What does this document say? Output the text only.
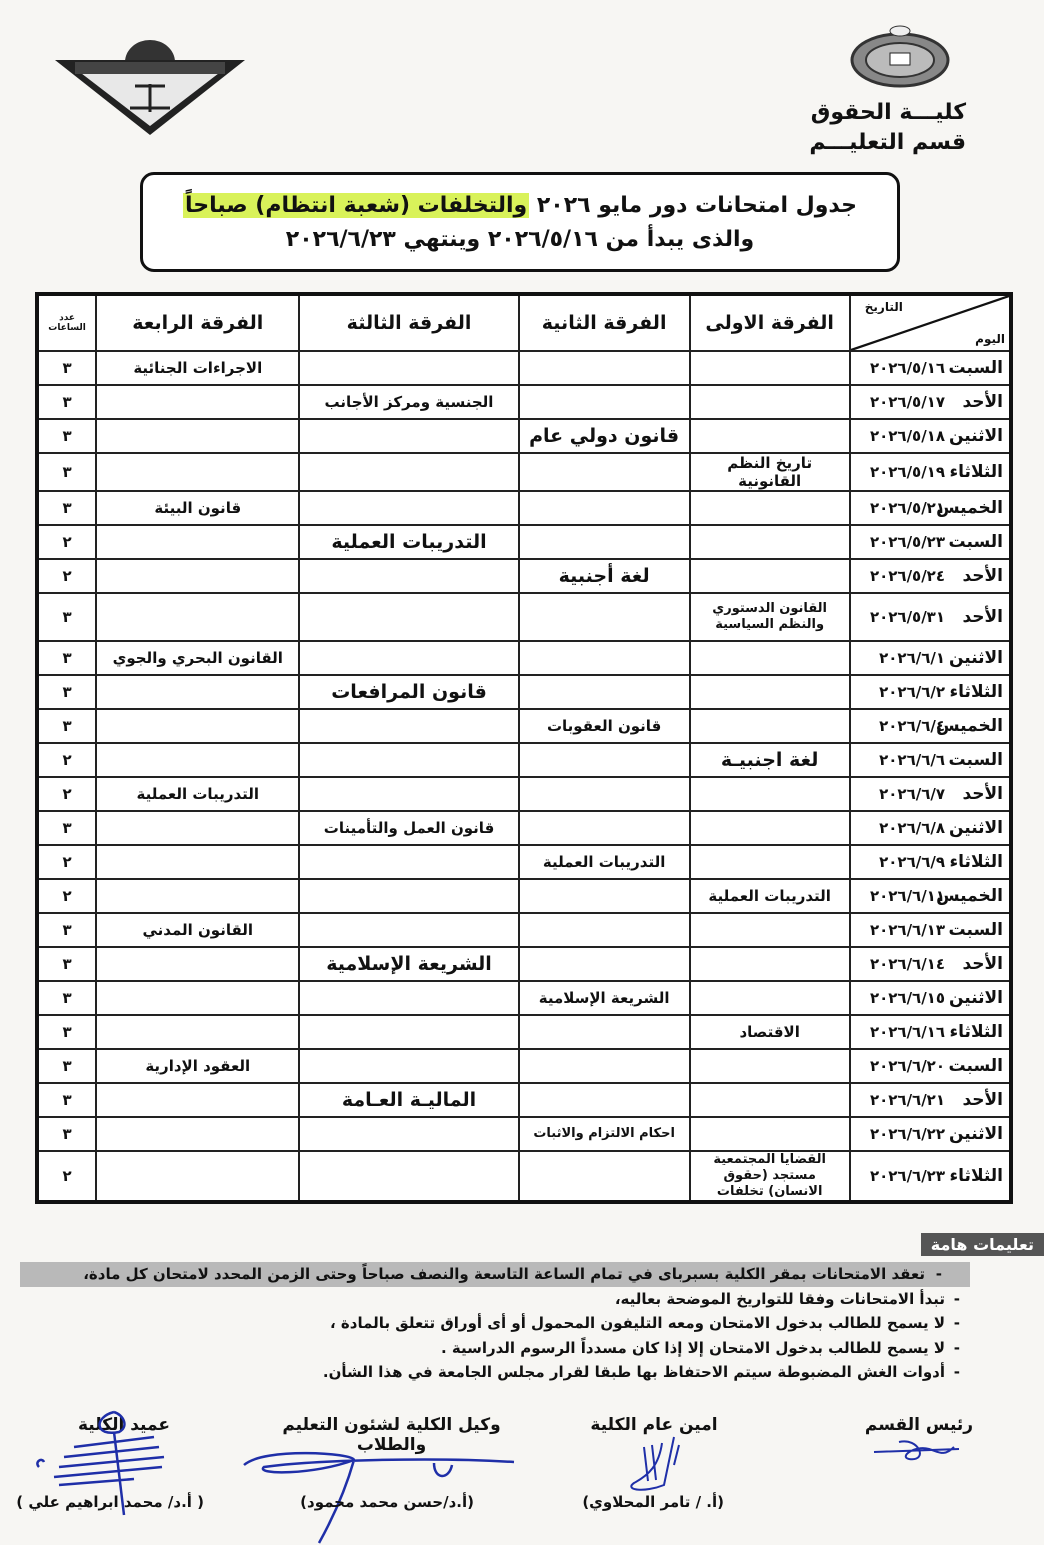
كليـــة الحقوق
قسم التعليـــم
جدول امتحانات دور مايو ٢٠٢٦ والتخلفات (شعبة انتظام) صباحاً
والذى يبدأ من ٢٠٢٦/٥/١٦ وينتهي ٢٠٢٦/٦/٢٣
التاريخ
اليوم	الفرقة الاولى	الفرقة الثانية	الفرقة الثالثة	الفرقة الرابعة	عدد الساعات
السبت٢٠٢٦/٥/١٦				الاجراءات الجنائية	٣
الأحد٢٠٢٦/٥/١٧			الجنسية ومركز الأجانب		٣
الاثنين٢٠٢٦/٥/١٨		قانون دولي عام			٣
الثلاثاء٢٠٢٦/٥/١٩	تاريخ النظم القانونية				٣
الخميس٢٠٢٦/٥/٢١				قانون البيئة	٣
السبت٢٠٢٦/٥/٢٣			التدريبات العملية		٢
الأحد٢٠٢٦/٥/٢٤		لغة أجنبية			٢
الأحد٢٠٢٦/٥/٣١	القانون الدستوري والنظم السياسية				٣
الاثنين٢٠٢٦/٦/١				القانون البحري والجوي	٣
الثلاثاء٢٠٢٦/٦/٢			قانون المرافعات		٣
الخميس٢٠٢٦/٦/٤		قانون العقوبات			٣
السبت٢٠٢٦/٦/٦	لغة اجنبيـة				٢
الأحد٢٠٢٦/٦/٧				التدريبات العملية	٢
الاثنين٢٠٢٦/٦/٨			قانون العمل والتأمينات		٣
الثلاثاء٢٠٢٦/٦/٩		التدريبات العملية			٢
الخميس٢٠٢٦/٦/١١	التدريبات العملية				٢
السبت٢٠٢٦/٦/١٣				القانون المدني	٣
الأحد٢٠٢٦/٦/١٤			الشريعة الإسلامية		٣
الاثنين٢٠٢٦/٦/١٥		الشريعة الإسلامية			٣
الثلاثاء٢٠٢٦/٦/١٦	الاقتصاد				٣
السبت٢٠٢٦/٦/٢٠				العقود الإدارية	٣
الأحد٢٠٢٦/٦/٢١			الماليـة العـامة		٣
الاثنين٢٠٢٦/٦/٢٢		احكام الالتزام والاثبات			٣
الثلاثاء٢٠٢٦/٦/٢٣	القضايا المجتمعية مستجد (حقوق الانسان) تخلفات				٢
تعليمات هامة
- تعقد الامتحانات بمقر الكلية بسبرباى في تمام الساعة التاسعة والنصف صباحاً وحتى الزمن المحدد لامتحان كل مادة،
- تبدأ الامتحانات وفقا للتواريخ الموضحة بعاليه،
- لا يسمح للطالب بدخول الامتحان ومعه التليفون المحمول أو أى أوراق تتعلق بالمادة ،
- لا يسمح للطالب بدخول الامتحان إلا إذا كان مسدداً الرسوم الدراسية .
- أدوات الغش المضبوطة سيتم الاحتفاظ بها طبقا لقرار مجلس الجامعة في هذا الشأن.
رئيس القسم
امين عام الكلية
(أ. / تامر المحلاوي)
وكيل الكلية لشئون التعليم والطلاب
(أ.د/حسن محمد محمود)
عميد الكلية
( أ.د/ محمد ابراهيم علي )
